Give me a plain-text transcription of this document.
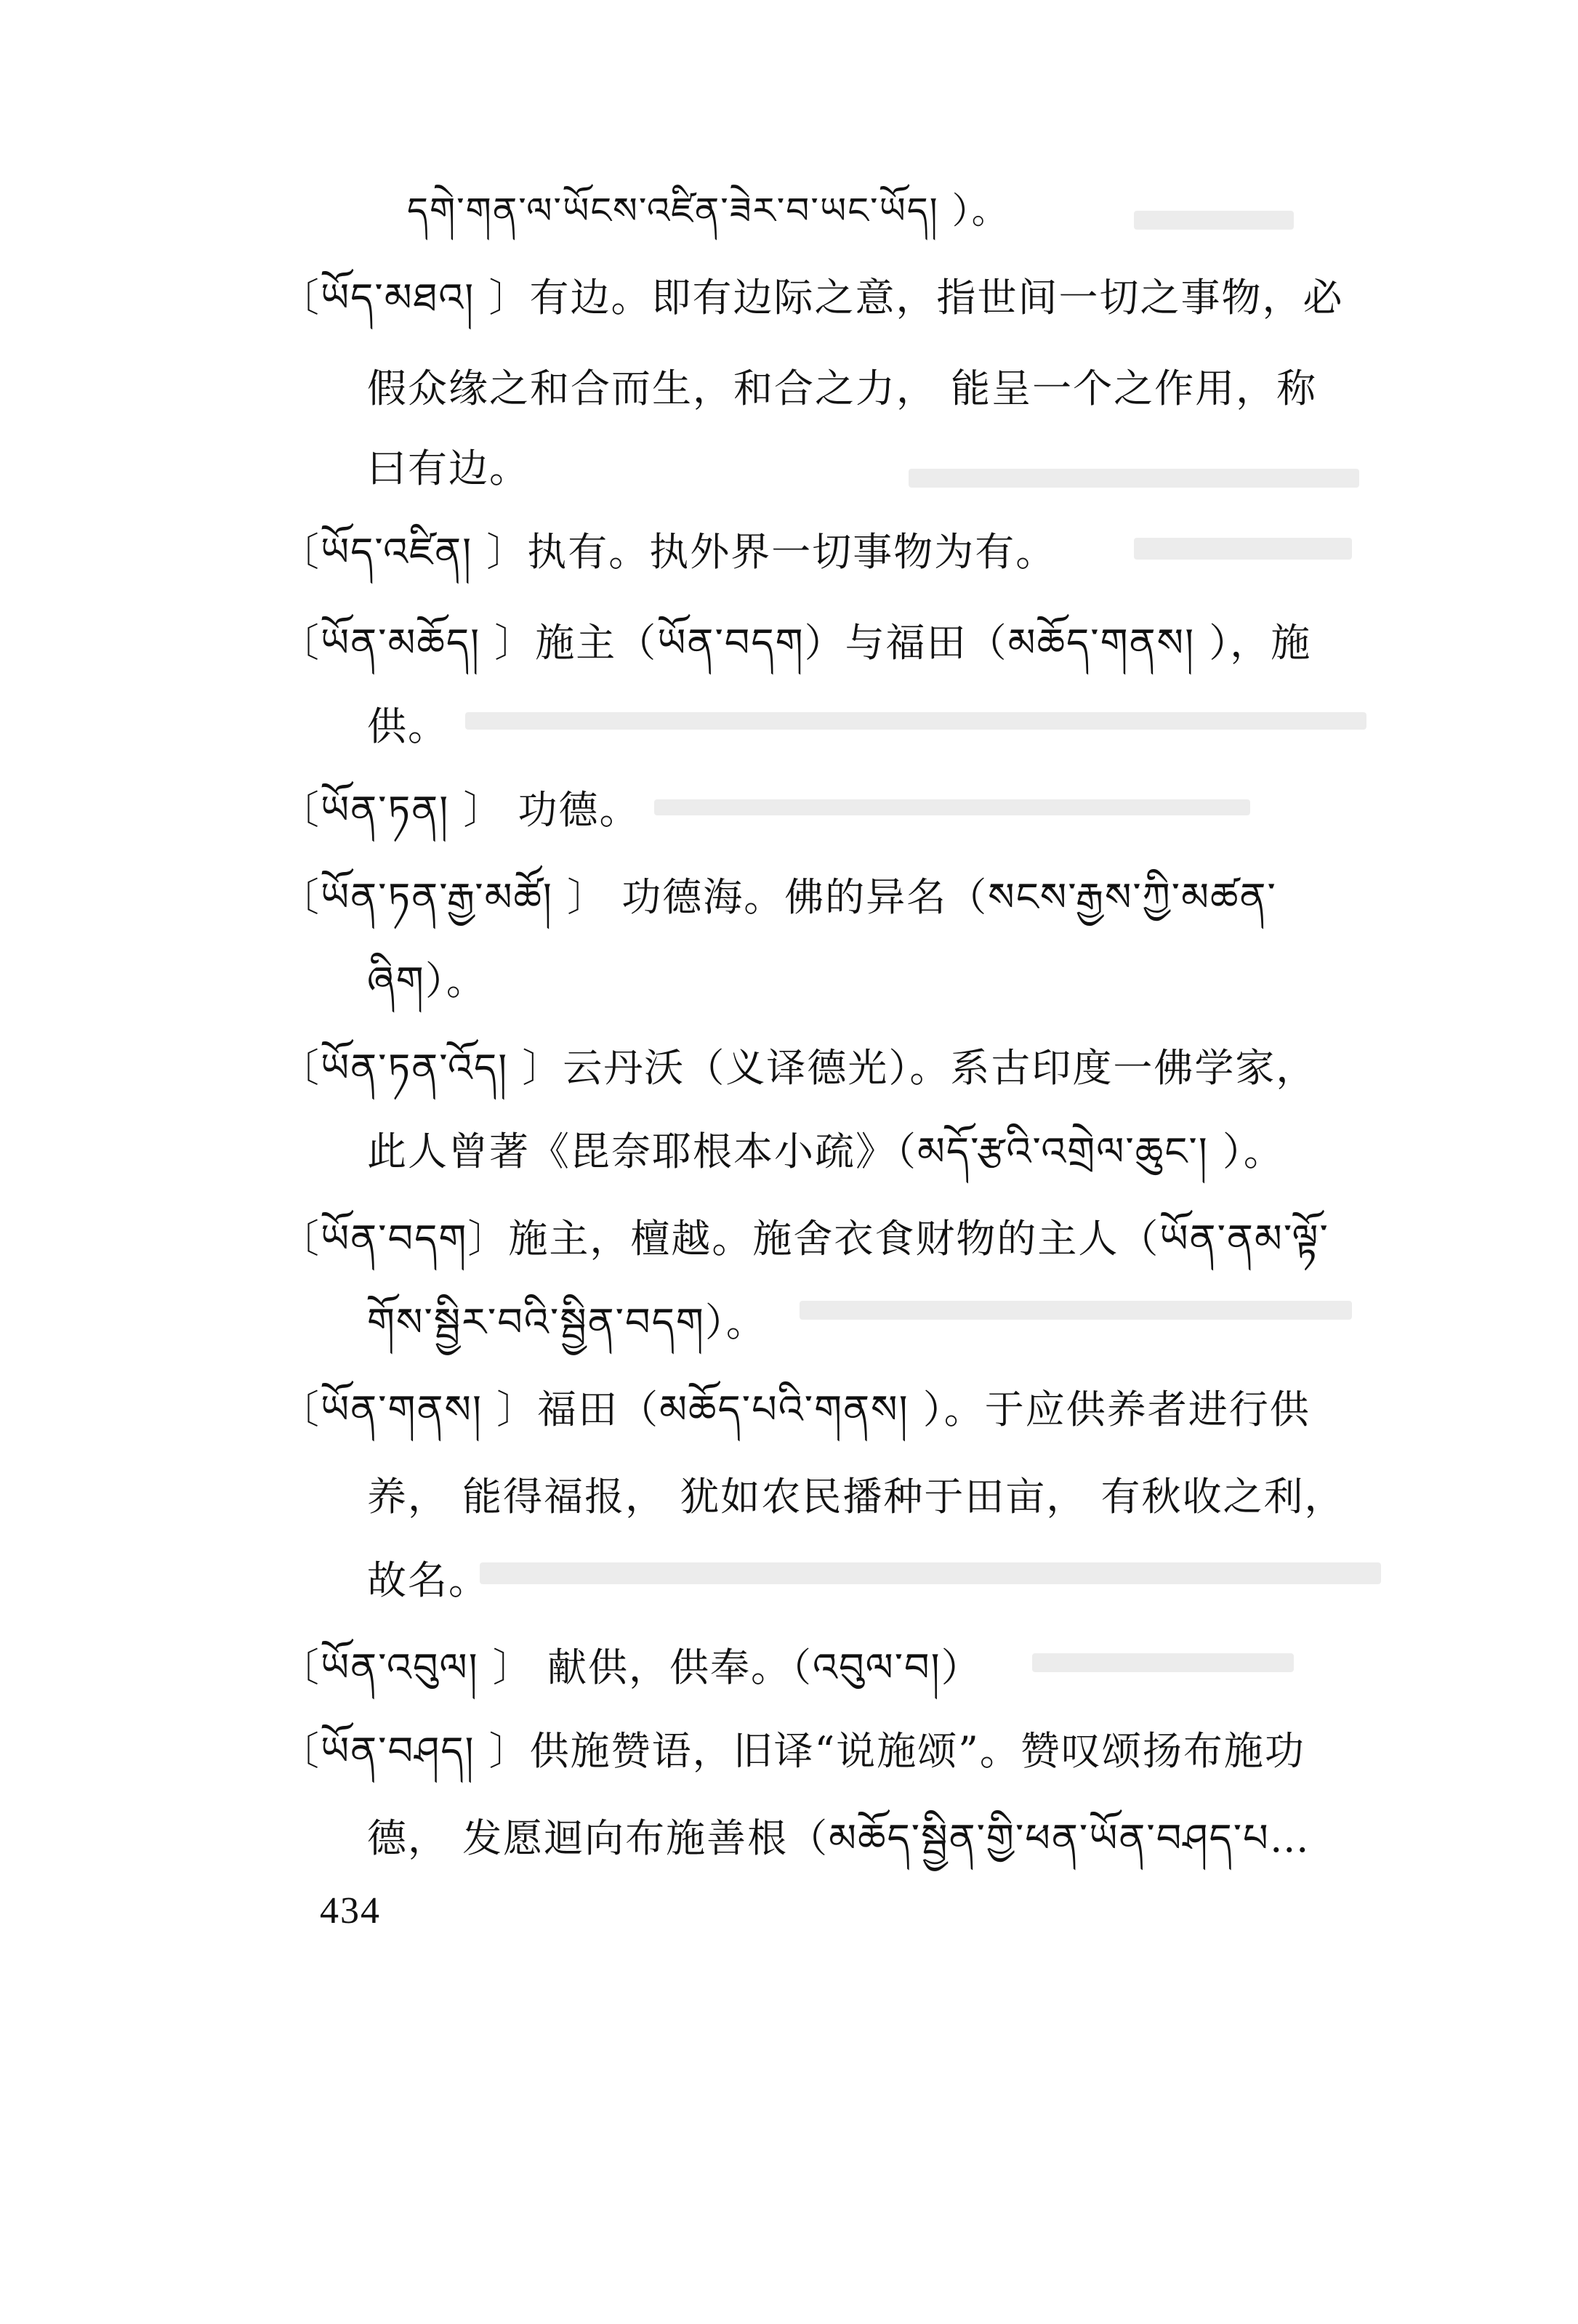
དགེ་གན་ལ་ཡོངས་འཛིན་ཟེར་བ་ཡང་ཡོད། ）。
〔ཡོད་མཐའ། 〕有边。即有边际之意，指世间一切之事物，必
假众缘之和合而生，和合之力， 能呈一个之作用，称
曰有边。
〔ཡོད་འཛིན། 〕执有。执外界一切事物为有。
〔ཡོན་མཆོད། 〕施主（ཡོན་བདག）与福田（མཆོད་གནས། ），施
供。
〔ཡོན་ཏན། 〕 功德。
〔ཡོན་ཏན་རྒྱ་མཚོ། 〕 功德海。佛的异名（སངས་རྒྱས་ཀྱི་མཚན་
ཞིག）。
〔ཡོན་ཏན་འོད། 〕云丹沃（义译德光）。系古印度一佛学家，
此人曾著《毘奈耶根本小疏》（མདོ་རྩའི་འགྲེལ་ཆུང་། ）。
〔ཡོན་བདག〕施主，檀越。施舍衣食财物的主人（ཡོན་ནམ་ལྟོ་
གོས་སྦྱིར་བའི་སྦྱིན་བདག）。
〔ཡོན་གནས། 〕福田（མཆོད་པའི་གནས། ）。于应供养者进行供
养， 能得福报， 犹如农民播种于田亩， 有秋收之利，
故名。
〔ཡོན་འབུལ། 〕 献供，供奉。（འབུལ་བ།）
〔ཡོན་བཤད། 〕供施赞语，旧译“说施颂”。赞叹颂扬布施功
德， 发愿迴向布施善根（མཆོད་སྦྱིན་གྱི་ཕན་ཡོན་བཤད་པ…
434
